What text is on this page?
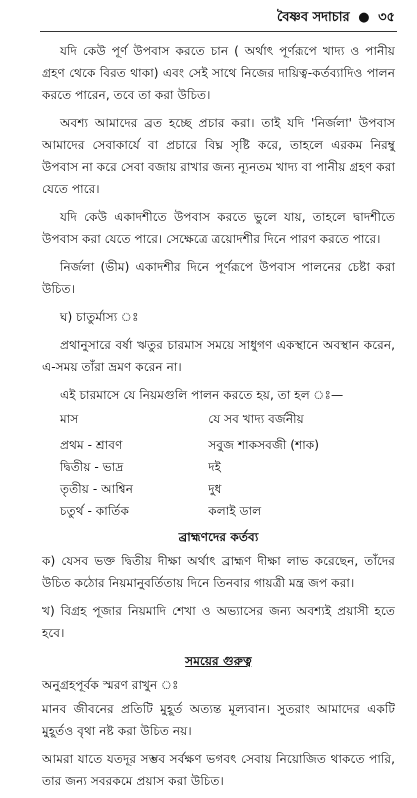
বৈষ্ণব সদাচার ● ৩৫

যদি কেউ পূর্ণ উপবাস করতে চান ( অর্থাৎ পূর্ণরূপে খাদ্য ও পানীয় গ্রহণ থেকে বিরত থাকা) এবং সেই সাথে নিজের দায়িত্ব-কর্তব্যাদিও পালন করতে পারেন, তবে তা করা উচিত।

অবশ্য আমাদের ব্রত হচ্ছে প্রচার করা। তাই যদি 'নির্জলা' উপবাস আমাদের সেবাকার্যে বা প্রচারে বিঘ্ন সৃষ্টি করে, তাহলে এরকম নিরম্বু উপবাস না করে সেবা বজায় রাখার জন্য ন্যূনতম খাদ্য বা পানীয় গ্রহণ করা যেতে পারে।

যদি কেউ একাদশীতে উপবাস করতে ভুলে যায়, তাহলে দ্বাদশীতে উপবাস করা যেতে পারে। সেক্ষেত্রে ত্রয়োদশীর দিনে পারণ করতে পারে।

নির্জলা (ভীম) একাদশীর দিনে পূর্ণরূপে উপবাস পালনের চেষ্টা করা উচিত।

ঘ) চাতুর্মাস্য ঃ

প্রথানুসারে বর্ষা ঋতুর চারমাস সময়ে সাধুগণ একস্থানে অবস্থান করেন, এ-সময় তাঁরা ভ্রমণ করেন না।

এই চারমাসে যে নিয়মগুলি পালন করতে হয়, তা হল ঃ—

মাস	যে সব খাদ্য বর্জনীয়
প্রথম - শ্রাবণ	সবুজ শাকসবজী (শাক)
দ্বিতীয় - ভাদ্র	দই
তৃতীয় - আশ্বিন	দুধ
চতুর্থ - কার্তিক	কলাই ডাল
ব্রাহ্মণদের কর্তব্য

ক) যেসব ভক্ত দ্বিতীয় দীক্ষা অর্থাৎ ব্রাহ্মণ দীক্ষা লাভ করেছেন, তাঁদের উচিত কঠোর নিয়মানুবর্তিতায় দিনে তিনবার গায়ত্রী মন্ত্র জপ করা।

খ) বিগ্রহ পূজার নিয়মাদি শেখা ও অভ্যাসের জন্য অবশ্যই প্রয়াসী হতে হবে।

সময়ের গুরুত্ব

অনুগ্রহপূর্বক স্মরণ রাখুন ঃ

মানব জীবনের প্রতিটি মুহূর্ত অত্যন্ত মূল্যবান। সুতরাং আমাদের একটি মুহূর্তও বৃথা নষ্ট করা উচিত নয়।

আমরা যাতে যতদূর সম্ভব সর্বক্ষণ ভগবৎ সেবায় নিয়োজিত থাকতে পারি, তার জন্য সবরকমে প্রয়াস করা উচিত।
